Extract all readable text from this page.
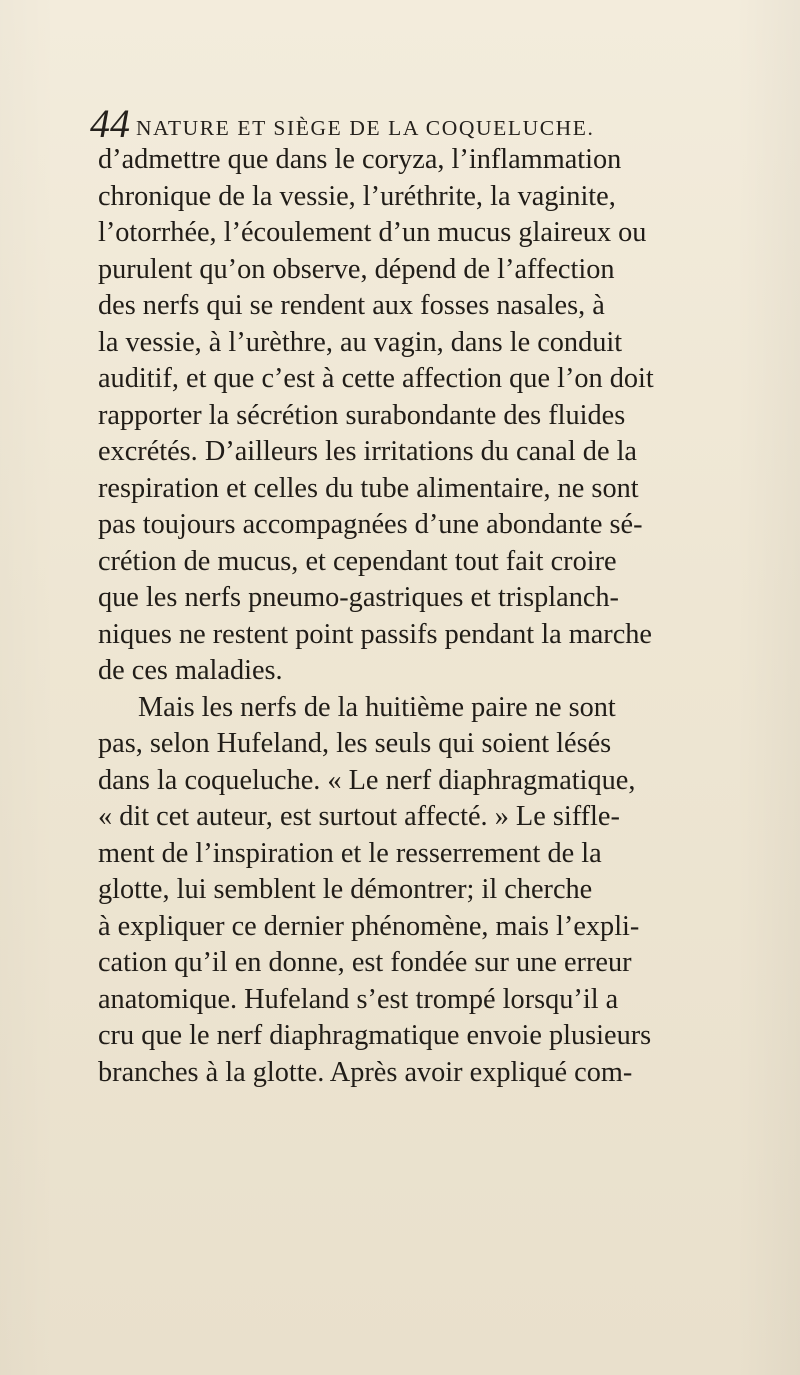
44 NATURE ET SIÈGE DE LA COQUELUCHE.
d’admettre que dans le coryza, l’inflammation
chronique de la vessie, l’uréthrite, la vaginite,
l’otorrhée, l’écoulement d’un mucus glaireux ou
purulent qu’on observe, dépend de l’affection
des nerfs qui se rendent aux fosses nasales, à
la vessie, à l’urèthre, au vagin, dans le conduit
auditif, et que c’est à cette affection que l’on doit
rapporter la sécrétion surabondante des fluides
excrétés. D’ailleurs les irritations du canal de la
respiration et celles du tube alimentaire, ne sont
pas toujours accompagnées d’une abondante sé-
crétion de mucus, et cependant tout fait croire
que les nerfs pneumo-gastriques et trisplanch-
niques ne restent point passifs pendant la marche
de ces maladies.
Mais les nerfs de la huitième paire ne sont
pas, selon Hufeland, les seuls qui soient lésés
dans la coqueluche. « Le nerf diaphragmatique,
« dit cet auteur, est surtout affecté. » Le siffle-
ment de l’inspiration et le resserrement de la
glotte, lui semblent le démontrer; il cherche
à expliquer ce dernier phénomène, mais l’expli-
cation qu’il en donne, est fondée sur une erreur
anatomique. Hufeland s’est trompé lorsqu’il a
cru que le nerf diaphragmatique envoie plusieurs
branches à la glotte. Après avoir expliqué com-
